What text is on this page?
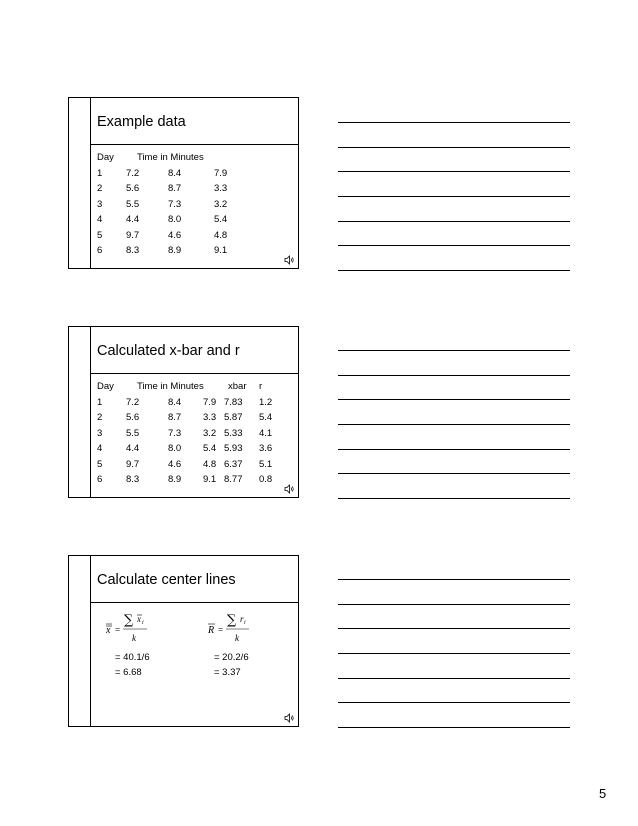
Example data
Day Time in Minutes
1 7.2	8.4	7.9
2 5.6	8.7	3.3
3 5.5	7.3	3.2
4 4.4	8.0	5.4
5 9.7	4.6	4.8
6 8.3	8.9	9.1
Calculated x-bar and r
Day Time in Minutes	xbar r
1 7.2	8.4 7.9 7.83 1.2
2 5.6	8.7 3.3 5.87 5.4
3 5.5	7.3 3.2 5.33 4.1
4 4.4	8.0 5.4 5.93 3.6
5 9.7	4.6 4.8 6.37 5.1
6 8.3	8.9 9.1 8.77 0.8
Calculate center lines
x =
∑ x i
k
R =
∑ r i
k
= 40.1/6
= 6.68
= 20.2/6
= 3.37
5
